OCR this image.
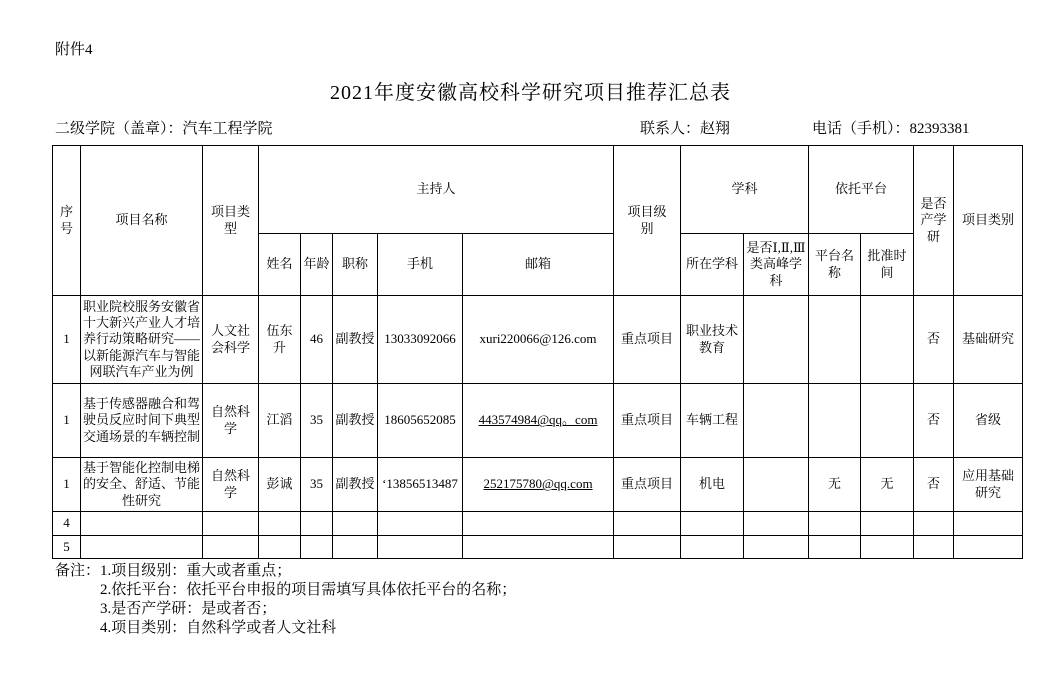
附件4
2021年度安徽高校科学研究项目推荐汇总表
二级学院（盖章）：汽车工程学院	联系人：赵翔	电话（手机）：82393381
序号	项目名称	项目类型	主持人					项目级别	学科		依托平台		是否产学研	项目类别
			姓名	年龄	职称	手机	邮箱		所在学科	是否Ⅰ,Ⅱ,Ⅲ类高峰学科	平台名称	批准时间		
1	职业院校服务安徽省十大新兴产业人才培养行动策略研究——以新能源汽车与智能网联汽车产业为例	人文社会科学	伍东升	46	副教授	13033092066	xuri220066@126.com	重点项目	职业技术教育				否	基础研究
1	基于传感器融合和驾驶员反应时间下典型交通场景的车辆控制	自然科学	江滔	35	副教授	18605652085	443574984@qq。com	重点项目	车辆工程				否	省级
1	基于智能化控制电梯的安全、舒适、节能性研究	自然科学	彭诚	35	副教授	‘13856513487	252175780@qq.com	重点项目	机电		无	无	否	应用基础研究
4														
5														
备注：1.项目级别：重大或者重点；
2.依托平台：依托平台申报的项目需填写具体依托平台的名称；
3.是否产学研：是或者否；
4.项目类别：自然科学或者人文社科
